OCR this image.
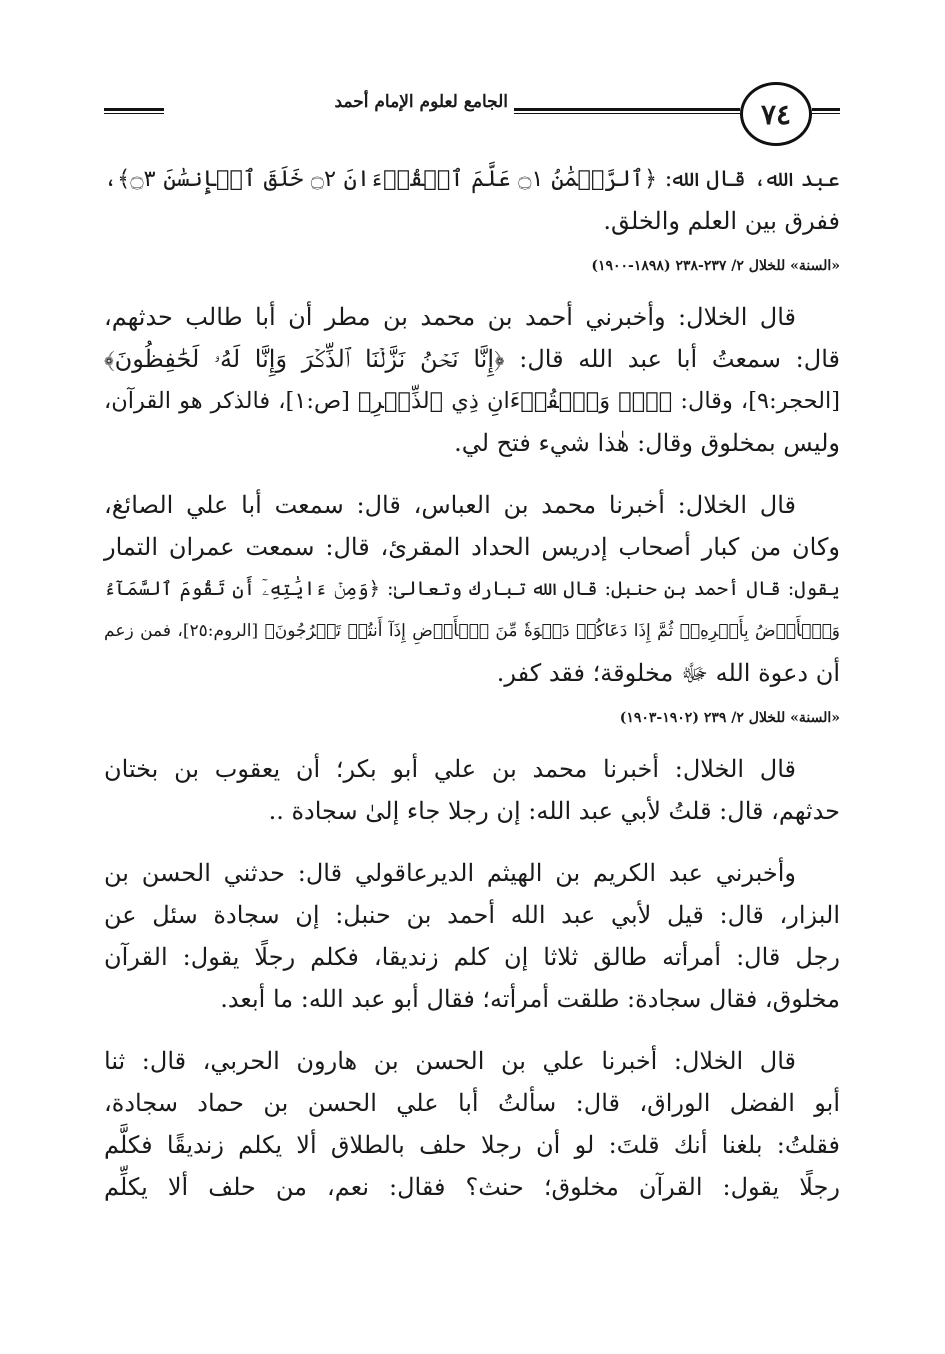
٧٤
الجامع لعلوم الإمام أحمد

عبد الله، قال الله: ﴿ٱلرَّحۡمَٰنُ ۝١ عَلَّمَ ٱلۡقُرۡءَانَ ۝٢ خَلَقَ ٱلۡإِنسَٰنَ ۝٣﴾،

ففرق بين العلم والخلق.

«السنة» للخلال ٢/ ٢٣٧-٢٣٨ (١٨٩٨-١٩٠٠)

قال الخلال: وأخبرني أحمد بن محمد بن مطر أن أبا طالب حدثهم،

قال: سمعتُ أبا عبد الله قال: ﴿إِنَّا نَحۡنُ نَزَّلۡنَا ٱلذِّكۡرَ وَإِنَّا لَهُۥ لَحَٰفِظُونَ﴾

[الحجر:٩]، وقال: ﴿صٓۚ وَٱلۡقُرۡءَانِ ذِي ٱلذِّكۡرِ﴾ [ص:١]، فالذكر هو القرآن،

وليس بمخلوق وقال: هٰذا شيء فتح لي.

قال الخلال: أخبرنا محمد بن العباس، قال: سمعت أبا علي الصائغ،

وكان من كبار أصحاب إدريس الحداد المقرئ، قال: سمعت عمران التمار

يقول: قال أحمد بن حنبل: قال الله تبارك وتعالىٰ: ﴿وَمِنۡ ءَايَٰتِهِۦٓ أَن تَقُومَ ٱلسَّمَآءُ

وَٱلۡأَرۡضُ بِأَمۡرِهِۦۚ ثُمَّ إِذَا دَعَاكُمۡ دَعۡوَةٗ مِّنَ ٱلۡأَرۡضِ إِذَآ أَنتُمۡ تَخۡرُجُونَ﴾ [الروم:٢٥]، فمن زعم

أن دعوة الله ﷻ مخلوقة؛ فقد كفر.

«السنة» للخلال ٢/ ٢٣٩ (١٩٠٢-١٩٠٣)

قال الخلال: أخبرنا محمد بن علي أبو بكر؛ أن يعقوب بن بختان

حدثهم، قال: قلتُ لأبي عبد الله: إن رجلا جاء إلىٰ سجادة ..

وأخبرني عبد الكريم بن الهيثم الديرعاقولي قال: حدثني الحسن بن

البزار، قال: قيل لأبي عبد الله أحمد بن حنبل: إن سجادة سئل عن

رجل قال: أمرأته طالق ثلاثا إن كلم زنديقا، فكلم رجلًا يقول: القرآن

مخلوق، فقال سجادة: طلقت أمرأته؛ فقال أبو عبد الله: ما أبعد.

قال الخلال: أخبرنا علي بن الحسن بن هارون الحربي، قال: ثنا

أبو الفضل الوراق، قال: سألتُ أبا علي الحسن بن حماد سجادة،

فقلتُ: بلغنا أنك قلتَ: لو أن رجلا حلف بالطلاق ألا يكلم زنديقًا فكلَّم

رجلًا يقول: القرآن مخلوق؛ حنث؟ فقال: نعم، من حلف ألا يكلِّم
